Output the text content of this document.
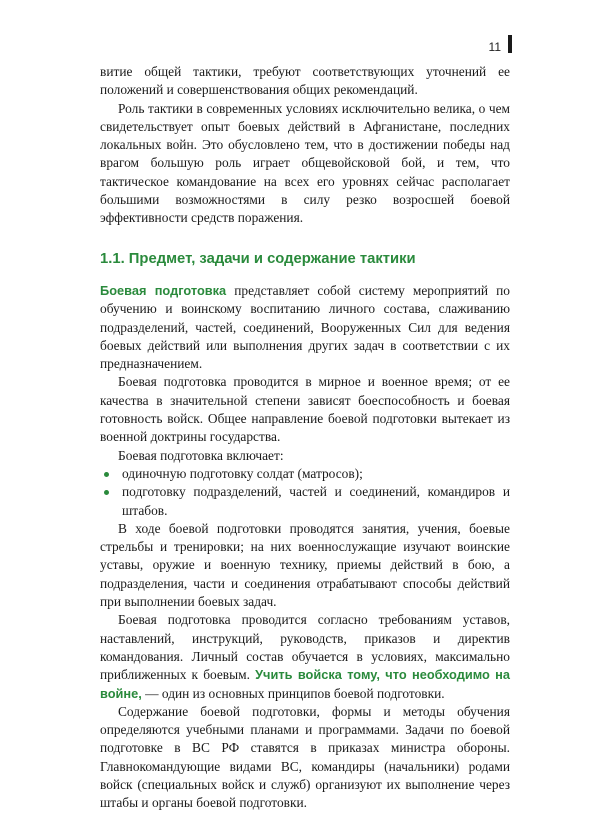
11

витие общей тактики, требуют соответствующих уточнений ее положений и совершенствования общих рекомендаций.

Роль тактики в современных условиях исключительно велика, о чем свидетельствует опыт боевых действий в Афганистане, последних локальных войн. Это обусловлено тем, что в достижении победы над врагом большую роль играет общевойсковой бой, и тем, что тактическое командование на всех его уровнях сейчас располагает большими возможностями в силу резко возросшей боевой эффективности средств поражения.

1.1. Предмет, задачи и содержание тактики

Боевая подготовка представляет собой систему мероприятий по обучению и воинскому воспитанию личного состава, слаживанию подразделений, частей, соединений, Вооруженных Сил для ведения боевых действий или выполнения других задач в соответствии с их предназначением.

Боевая подготовка проводится в мирное и военное время; от ее качества в значительной степени зависят боеспособность и боевая готовность войск. Общее направление боевой подготовки вытекает из военной доктрины государства.

Боевая подготовка включает:

одиночную подготовку солдат (матросов);
подготовку подразделений, частей и соединений, командиров и штабов.

В ходе боевой подготовки проводятся занятия, учения, боевые стрельбы и тренировки; на них военнослужащие изучают воинские уставы, оружие и военную технику, приемы действий в бою, а подразделения, части и соединения отрабатывают способы действий при выполнении боевых задач.

Боевая подготовка проводится согласно требованиям уставов, наставлений, инструкций, руководств, приказов и директив командования. Личный состав обучается в условиях, максимально приближенных к боевым. Учить войска тому, что необходимо на войне, — один из основных принципов боевой подготовки.

Содержание боевой подготовки, формы и методы обучения определяются учебными планами и программами. Задачи по боевой подготовке в ВС РФ ставятся в приказах министра обороны. Главнокомандующие видами ВС, командиры (начальники) родами войск (специальных войск и служб) организуют их выполнение через штабы и органы боевой подготовки.
